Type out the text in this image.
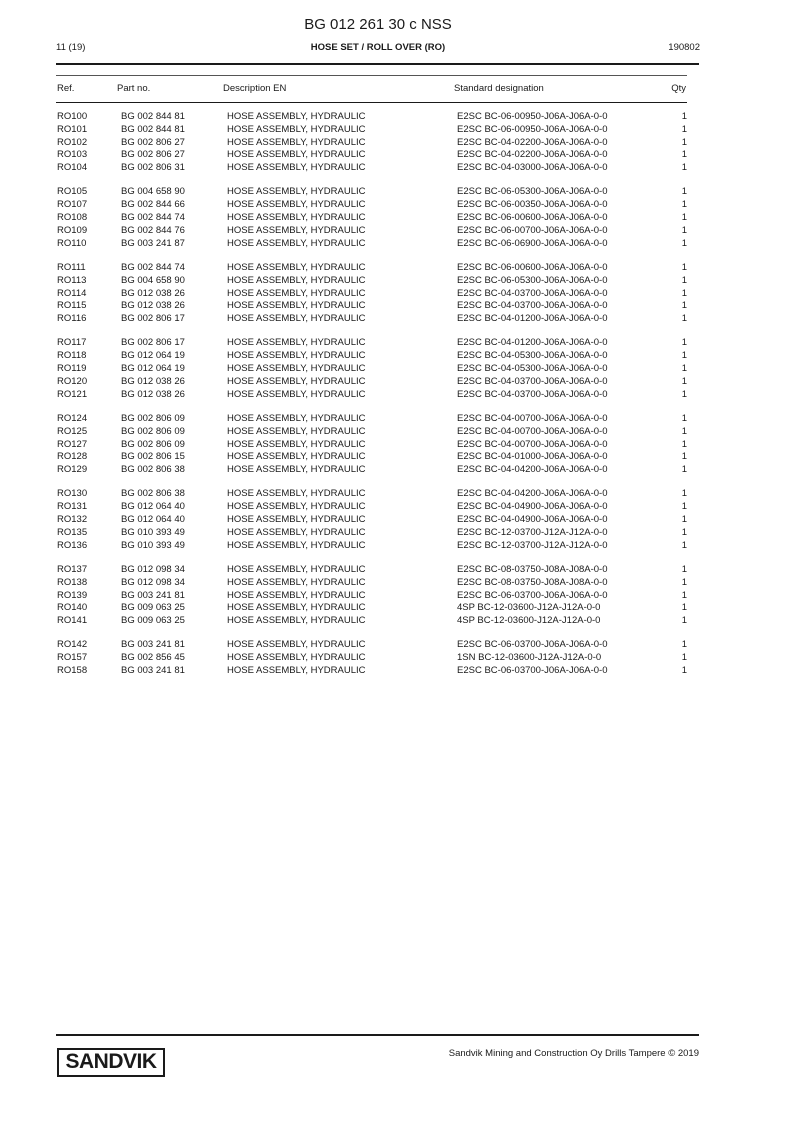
BG 012 261 30 c NSS
11 (19)	HOSE SET / ROLL OVER (RO)	190802
Ref.	Part no.	Description EN	Standard designation	Qty
RO100	BG 002 844 81	HOSE ASSEMBLY, HYDRAULIC	E2SC BC-06-00950-J06A-J06A-0-0	1
RO101	BG 002 844 81	HOSE ASSEMBLY, HYDRAULIC	E2SC BC-06-00950-J06A-J06A-0-0	1
RO102	BG 002 806 27	HOSE ASSEMBLY, HYDRAULIC	E2SC BC-04-02200-J06A-J06A-0-0	1
RO103	BG 002 806 27	HOSE ASSEMBLY, HYDRAULIC	E2SC BC-04-02200-J06A-J06A-0-0	1
RO104	BG 002 806 31	HOSE ASSEMBLY, HYDRAULIC	E2SC BC-04-03000-J06A-J06A-0-0	1
RO105	BG 004 658 90	HOSE ASSEMBLY, HYDRAULIC	E2SC BC-06-05300-J06A-J06A-0-0	1
RO107	BG 002 844 66	HOSE ASSEMBLY, HYDRAULIC	E2SC BC-06-00350-J06A-J06A-0-0	1
RO108	BG 002 844 74	HOSE ASSEMBLY, HYDRAULIC	E2SC BC-06-00600-J06A-J06A-0-0	1
RO109	BG 002 844 76	HOSE ASSEMBLY, HYDRAULIC	E2SC BC-06-00700-J06A-J06A-0-0	1
RO110	BG 003 241 87	HOSE ASSEMBLY, HYDRAULIC	E2SC BC-06-06900-J06A-J06A-0-0	1
RO111	BG 002 844 74	HOSE ASSEMBLY, HYDRAULIC	E2SC BC-06-00600-J06A-J06A-0-0	1
RO113	BG 004 658 90	HOSE ASSEMBLY, HYDRAULIC	E2SC BC-06-05300-J06A-J06A-0-0	1
RO114	BG 012 038 26	HOSE ASSEMBLY, HYDRAULIC	E2SC BC-04-03700-J06A-J06A-0-0	1
RO115	BG 012 038 26	HOSE ASSEMBLY, HYDRAULIC	E2SC BC-04-03700-J06A-J06A-0-0	1
RO116	BG 002 806 17	HOSE ASSEMBLY, HYDRAULIC	E2SC BC-04-01200-J06A-J06A-0-0	1
RO117	BG 002 806 17	HOSE ASSEMBLY, HYDRAULIC	E2SC BC-04-01200-J06A-J06A-0-0	1
RO118	BG 012 064 19	HOSE ASSEMBLY, HYDRAULIC	E2SC BC-04-05300-J06A-J06A-0-0	1
RO119	BG 012 064 19	HOSE ASSEMBLY, HYDRAULIC	E2SC BC-04-05300-J06A-J06A-0-0	1
RO120	BG 012 038 26	HOSE ASSEMBLY, HYDRAULIC	E2SC BC-04-03700-J06A-J06A-0-0	1
RO121	BG 012 038 26	HOSE ASSEMBLY, HYDRAULIC	E2SC BC-04-03700-J06A-J06A-0-0	1
RO124	BG 002 806 09	HOSE ASSEMBLY, HYDRAULIC	E2SC BC-04-00700-J06A-J06A-0-0	1
RO125	BG 002 806 09	HOSE ASSEMBLY, HYDRAULIC	E2SC BC-04-00700-J06A-J06A-0-0	1
RO127	BG 002 806 09	HOSE ASSEMBLY, HYDRAULIC	E2SC BC-04-00700-J06A-J06A-0-0	1
RO128	BG 002 806 15	HOSE ASSEMBLY, HYDRAULIC	E2SC BC-04-01000-J06A-J06A-0-0	1
RO129	BG 002 806 38	HOSE ASSEMBLY, HYDRAULIC	E2SC BC-04-04200-J06A-J06A-0-0	1
RO130	BG 002 806 38	HOSE ASSEMBLY, HYDRAULIC	E2SC BC-04-04200-J06A-J06A-0-0	1
RO131	BG 012 064 40	HOSE ASSEMBLY, HYDRAULIC	E2SC BC-04-04900-J06A-J06A-0-0	1
RO132	BG 012 064 40	HOSE ASSEMBLY, HYDRAULIC	E2SC BC-04-04900-J06A-J06A-0-0	1
RO135	BG 010 393 49	HOSE ASSEMBLY, HYDRAULIC	E2SC BC-12-03700-J12A-J12A-0-0	1
RO136	BG 010 393 49	HOSE ASSEMBLY, HYDRAULIC	E2SC BC-12-03700-J12A-J12A-0-0	1
RO137	BG 012 098 34	HOSE ASSEMBLY, HYDRAULIC	E2SC BC-08-03750-J08A-J08A-0-0	1
RO138	BG 012 098 34	HOSE ASSEMBLY, HYDRAULIC	E2SC BC-08-03750-J08A-J08A-0-0	1
RO139	BG 003 241 81	HOSE ASSEMBLY, HYDRAULIC	E2SC BC-06-03700-J06A-J06A-0-0	1
RO140	BG 009 063 25	HOSE ASSEMBLY, HYDRAULIC	4SP BC-12-03600-J12A-J12A-0-0	1
RO141	BG 009 063 25	HOSE ASSEMBLY, HYDRAULIC	4SP BC-12-03600-J12A-J12A-0-0	1
RO142	BG 003 241 81	HOSE ASSEMBLY, HYDRAULIC	E2SC BC-06-03700-J06A-J06A-0-0	1
RO157	BG 002 856 45	HOSE ASSEMBLY, HYDRAULIC	1SN BC-12-03600-J12A-J12A-0-0	1
RO158	BG 003 241 81	HOSE ASSEMBLY, HYDRAULIC	E2SC BC-06-03700-J06A-J06A-0-0	1
SANDVIK	Sandvik Mining and Construction Oy Drills Tampere © 2019
